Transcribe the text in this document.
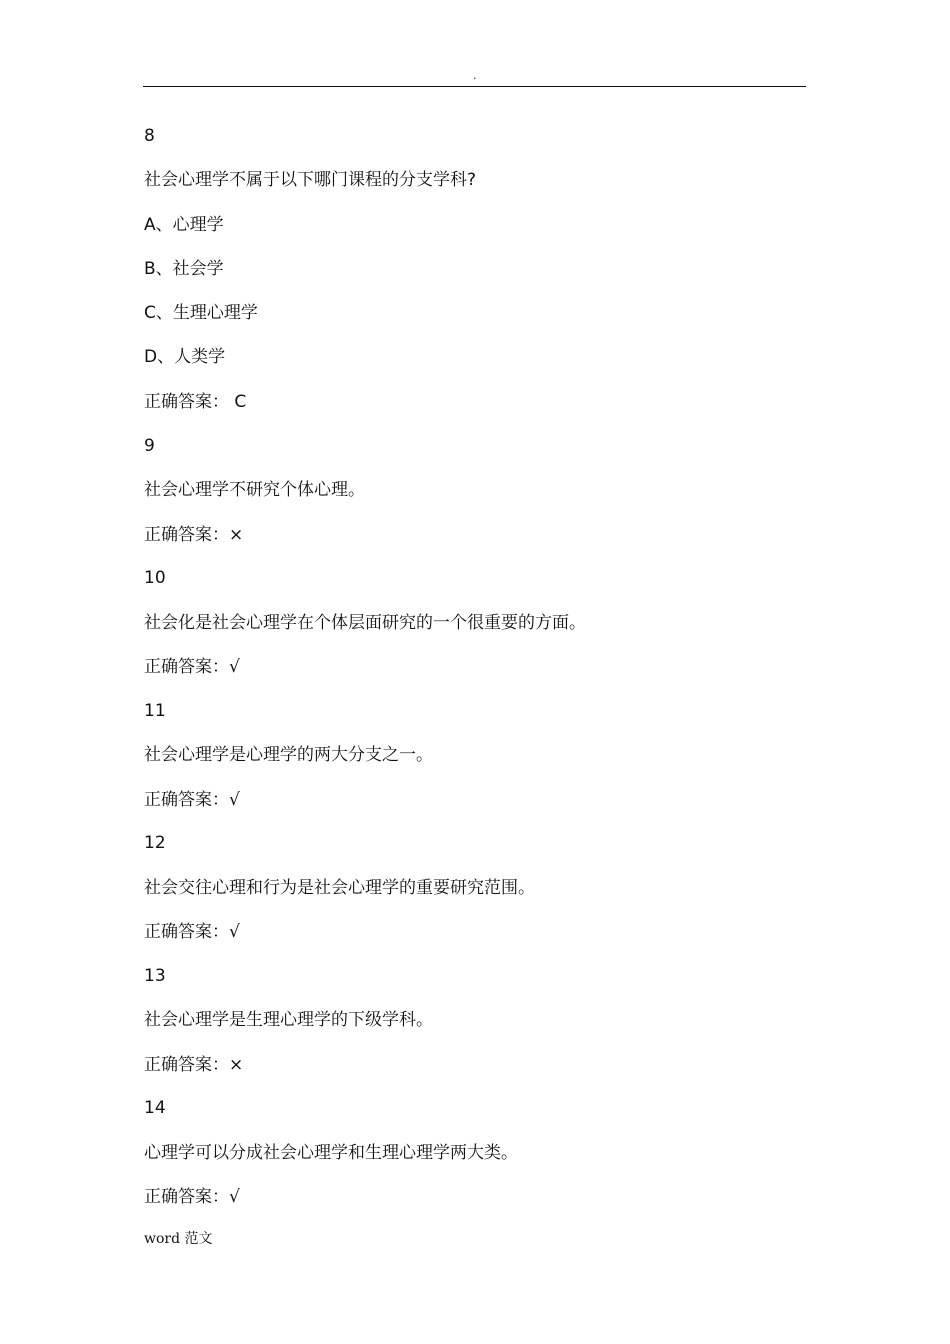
.
8
社会心理学不属于以下哪门课程的分支学科?
A、心理学
B、社会学
C、生理心理学
D、人类学
正确答案： C
9
社会心理学不研究个体心理。
正确答案：×
10
社会化是社会心理学在个体层面研究的一个很重要的方面。
正确答案：√
11
社会心理学是心理学的两大分支之一。
正确答案：√
12
社会交往心理和行为是社会心理学的重要研究范围。
正确答案：√
13
社会心理学是生理心理学的下级学科。
正确答案：×
14
心理学可以分成社会心理学和生理心理学两大类。
正确答案：√
word 范文
